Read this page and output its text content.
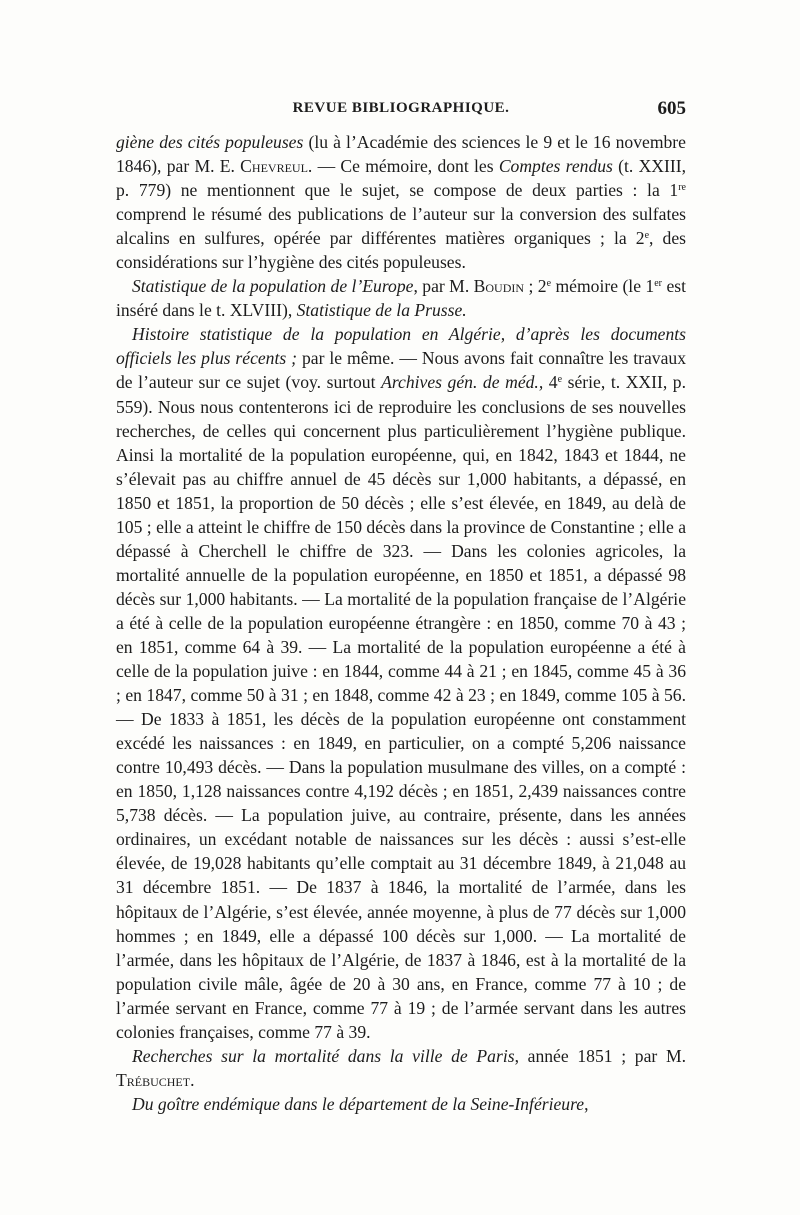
REVUE BIBLIOGRAPHIQUE.	605

giène des cités populeuses (lu à l’Académie des sciences le 9 et le 16 novembre 1846), par M. E. Chevreul. — Ce mémoire, dont les Comptes rendus (t. XXIII, p. 779) ne mentionnent que le sujet, se compose de deux parties : la 1re comprend le résumé des publications de l’auteur sur la conversion des sulfates alcalins en sulfures, opérée par différentes matières organiques ; la 2e, des considérations sur l’hygiène des cités populeuses.

Statistique de la population de l’Europe, par M. Boudin ; 2e mémoire (le 1er est inséré dans le t. XLVIII), Statistique de la Prusse.

Histoire statistique de la population en Algérie, d’après les documents officiels les plus récents ; par le même. — Nous avons fait connaître les travaux de l’auteur sur ce sujet (voy. surtout Archives gén. de méd., 4e série, t. XXII, p. 559). Nous nous contenterons ici de reproduire les conclusions de ses nouvelles recherches, de celles qui concernent plus particulièrement l’hygiène publique. Ainsi la mortalité de la population européenne, qui, en 1842, 1843 et 1844, ne s’élevait pas au chiffre annuel de 45 décès sur 1,000 habitants, a dépassé, en 1850 et 1851, la proportion de 50 décès ; elle s’est élevée, en 1849, au delà de 105 ; elle a atteint le chiffre de 150 décès dans la province de Constantine ; elle a dépassé à Cherchell le chiffre de 323. — Dans les colonies agricoles, la mortalité annuelle de la population européenne, en 1850 et 1851, a dépassé 98 décès sur 1,000 habitants. — La mortalité de la population française de l’Algérie a été à celle de la population européenne étrangère : en 1850, comme 70 à 43 ; en 1851, comme 64 à 39. — La mortalité de la population européenne a été à celle de la population juive : en 1844, comme 44 à 21 ; en 1845, comme 45 à 36 ; en 1847, comme 50 à 31 ; en 1848, comme 42 à 23 ; en 1849, comme 105 à 56. — De 1833 à 1851, les décès de la population européenne ont constamment excédé les naissances : en 1849, en particulier, on a compté 5,206 naissance contre 10,493 décès. — Dans la population musulmane des villes, on a compté : en 1850, 1,128 naissances contre 4,192 décès ; en 1851, 2,439 naissances contre 5,738 décès. — La population juive, au contraire, présente, dans les années ordinaires, un excédant notable de naissances sur les décès : aussi s’est-elle élevée, de 19,028 habitants qu’elle comptait au 31 décembre 1849, à 21,048 au 31 décembre 1851. — De 1837 à 1846, la mortalité de l’armée, dans les hôpitaux de l’Algérie, s’est élevée, année moyenne, à plus de 77 décès sur 1,000 hommes ; en 1849, elle a dépassé 100 décès sur 1,000. — La mortalité de l’armée, dans les hôpitaux de l’Algérie, de 1837 à 1846, est à la mortalité de la population civile mâle, âgée de 20 à 30 ans, en France, comme 77 à 10 ; de l’armée servant en France, comme 77 à 19 ; de l’armée servant dans les autres colonies françaises, comme 77 à 39.

Recherches sur la mortalité dans la ville de Paris, année 1851 ; par M. Trébuchet.

Du goître endémique dans le département de la Seine-Inférieure,
